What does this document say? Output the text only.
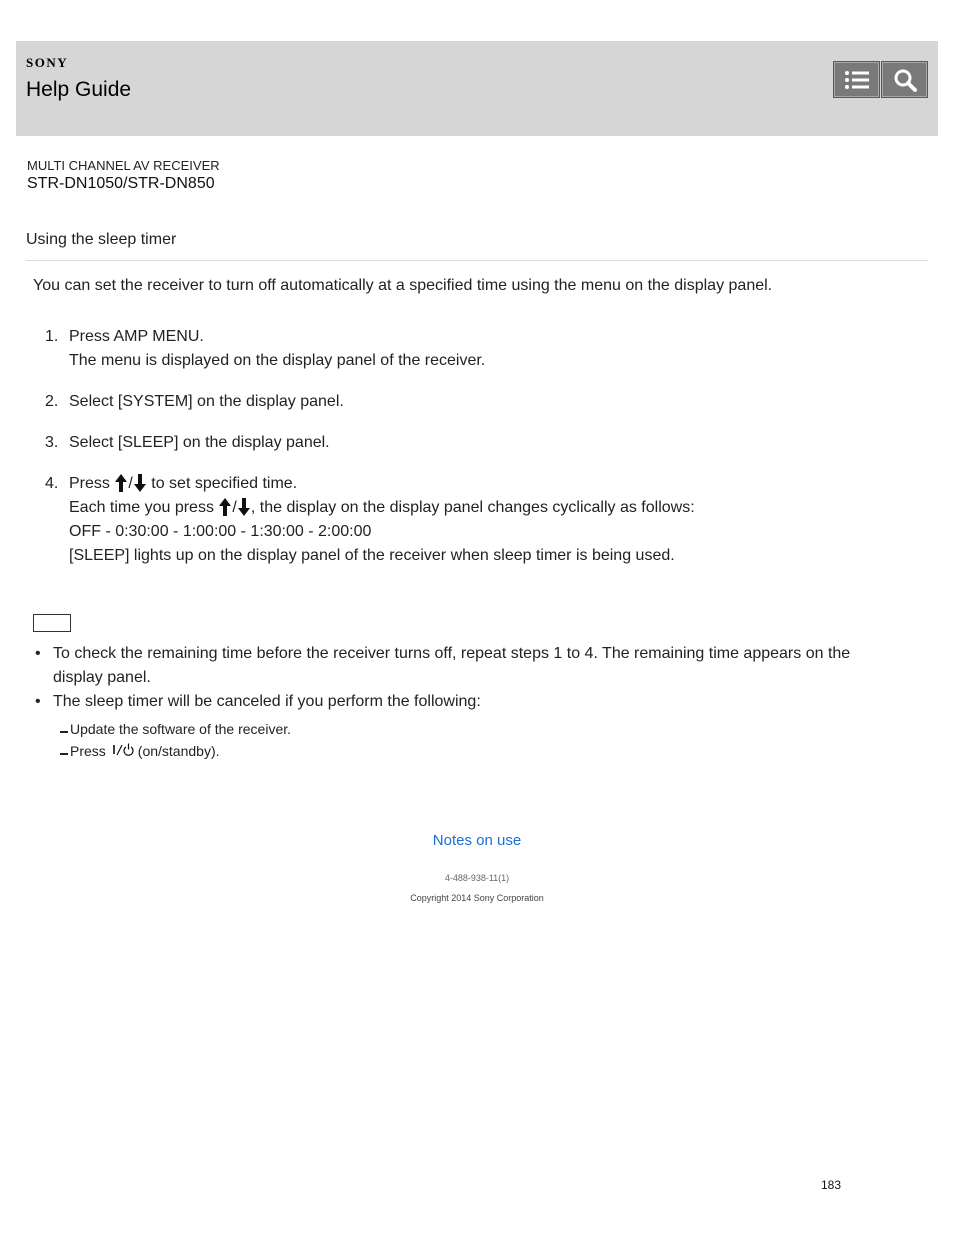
SONY
Help Guide
MULTI CHANNEL AV RECEIVER
STR-DN1050/STR-DN850
Using the sleep timer
You can set the receiver to turn off automatically at a specified time using the menu on the display panel.
1. Press AMP MENU.
The menu is displayed on the display panel of the receiver.
2. Select [SYSTEM] on the display panel.
3. Select [SLEEP] on the display panel.
4. Press / to set specified time.
Each time you press / , the display on the display panel changes cyclically as follows:
OFF - 0:30:00 - 1:00:00 - 1:30:00 - 2:00:00
[SLEEP] lights up on the display panel of the receiver when sleep timer is being used.
• To check the remaining time before the receiver turns off, repeat steps 1 to 4. The remaining time appears on the display panel.
• The sleep timer will be canceled if you perform the following:
Update the software of the receiver.
Press (on/standby).
Notes on use
4-488-938-11(1)
Copyright 2014 Sony Corporation
183
